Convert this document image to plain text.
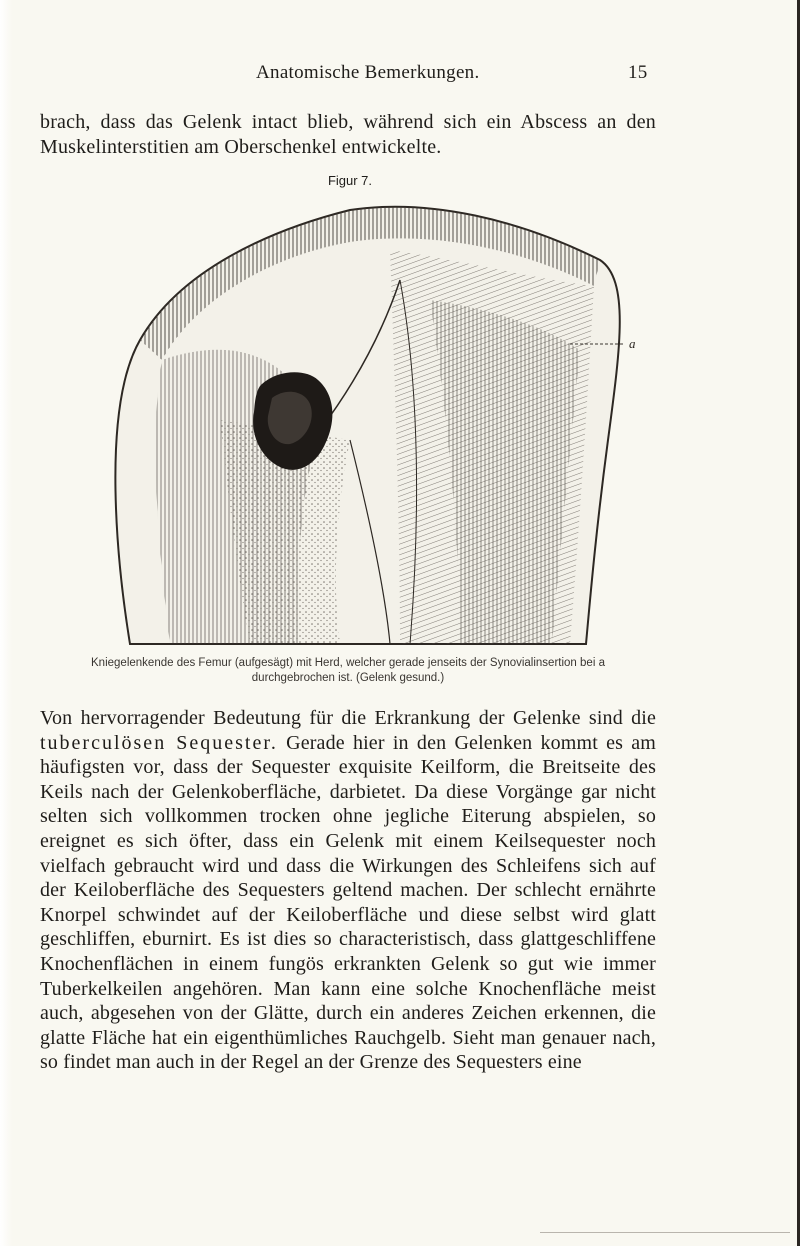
Anatomische Bemerkungen.	15
brach, dass das Gelenk intact blieb, während sich ein Abscess an den Muskelinterstitien am Oberschenkel entwickelte.
Figur 7.
a
Kniegelenkende des Femur (aufgesägt) mit Herd, welcher gerade jenseits der Synovialinsertion bei a
durchgebrochen ist. (Gelenk gesund.)
Von hervorragender Bedeutung für die Erkrankung der Gelenke sind die tuberculösen Sequester. Gerade hier in den Gelenken kommt es am häufigsten vor, dass der Sequester exquisite Keilform, die Breitseite des Keils nach der Gelenkoberfläche, darbietet. Da diese Vorgänge gar nicht selten sich vollkommen trocken ohne jegliche Eiterung abspielen, so ereignet es sich öfter, dass ein Gelenk mit einem Keilsequester noch vielfach gebraucht wird und dass die Wirkungen des Schleifens sich auf der Keiloberfläche des Sequesters geltend machen. Der schlecht ernährte Knorpel schwindet auf der Keiloberfläche und diese selbst wird glatt geschliffen, eburnirt. Es ist dies so characteristisch, dass glattgeschliffene Knochenflächen in einem fungös erkrankten Gelenk so gut wie immer Tuberkelkeilen angehören. Man kann eine solche Knochenfläche meist auch, abgesehen von der Glätte, durch ein anderes Zeichen erkennen, die glatte Fläche hat ein eigenthümliches Rauchgelb. Sieht man genauer nach, so findet man auch in der Regel an der Grenze des Sequesters eine
